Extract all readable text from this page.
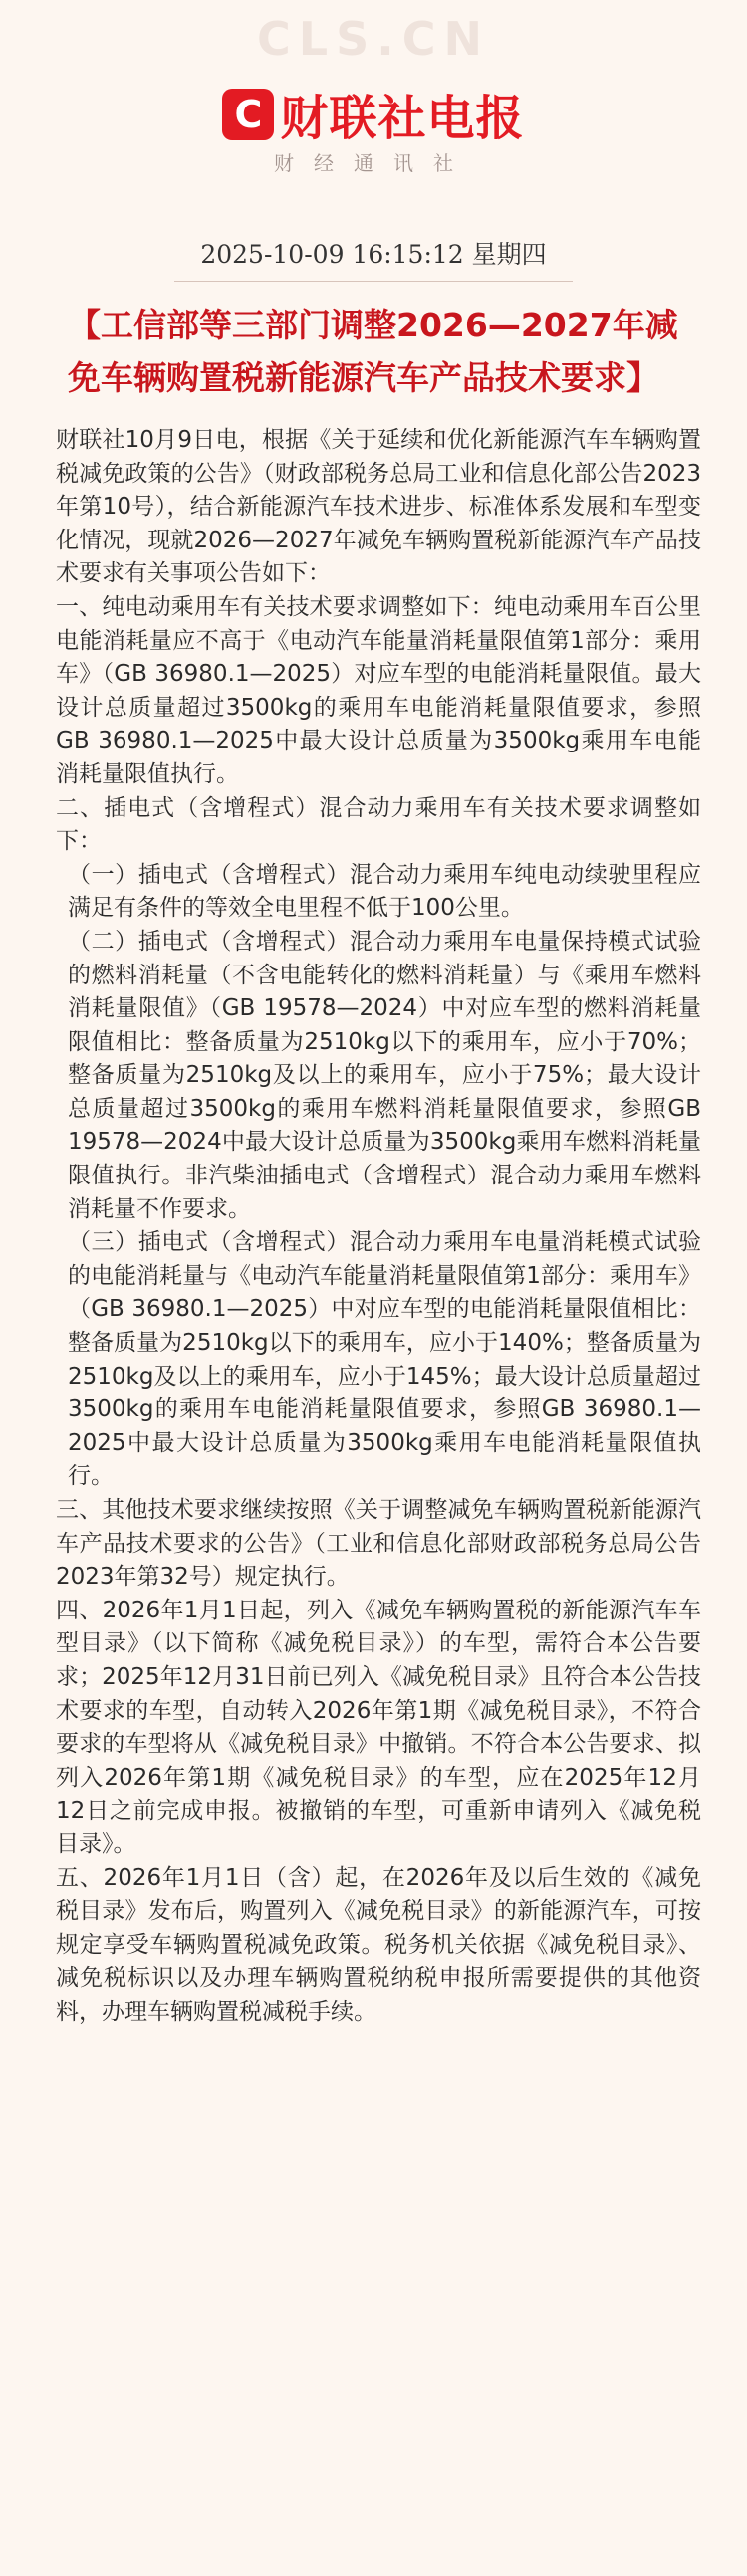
CLS.CN
C 财联社电报
财经通讯社
2025-10-09 16:15:12 星期四
【工信部等三部门调整2026—2027年减免车辆购置税新能源汽车产品技术要求】

财联社10月9日电，根据《关于延续和优化新能源汽车车辆购置税减免政策的公告》（财政部税务总局工业和信息化部公告2023年第10号），结合新能源汽车技术进步、标准体系发展和车型变化情况，现就2026—2027年减免车辆购置税新能源汽车产品技术要求有关事项公告如下：

一、纯电动乘用车有关技术要求调整如下：纯电动乘用车百公里电能消耗量应不高于《电动汽车能量消耗量限值第1部分：乘用车》（GB 36980.1—2025）对应车型的电能消耗量限值。最大设计总质量超过3500kg的乘用车电能消耗量限值要求，参照GB 36980.1—2025中最大设计总质量为3500kg乘用车电能消耗量限值执行。

二、插电式（含增程式）混合动力乘用车有关技术要求调整如下：

（一）插电式（含增程式）混合动力乘用车纯电动续驶里程应满足有条件的等效全电里程不低于100公里。

（二）插电式（含增程式）混合动力乘用车电量保持模式试验的燃料消耗量（不含电能转化的燃料消耗量）与《乘用车燃料消耗量限值》（GB 19578—2024）中对应车型的燃料消耗量限值相比：整备质量为2510kg以下的乘用车，应小于70%；整备质量为2510kg及以上的乘用车，应小于75%；最大设计总质量超过3500kg的乘用车燃料消耗量限值要求，参照GB 19578—2024中最大设计总质量为3500kg乘用车燃料消耗量限值执行。非汽柴油插电式（含增程式）混合动力乘用车燃料消耗量不作要求。

（三）插电式（含增程式）混合动力乘用车电量消耗模式试验的电能消耗量与《电动汽车能量消耗量限值第1部分：乘用车》（GB 36980.1—2025）中对应车型的电能消耗量限值相比：整备质量为2510kg以下的乘用车，应小于140%；整备质量为2510kg及以上的乘用车，应小于145%；最大设计总质量超过3500kg的乘用车电能消耗量限值要求，参照GB 36980.1—2025中最大设计总质量为3500kg乘用车电能消耗量限值执行。

三、其他技术要求继续按照《关于调整减免车辆购置税新能源汽车产品技术要求的公告》（工业和信息化部财政部税务总局公告2023年第32号）规定执行。

四、2026年1月1日起，列入《减免车辆购置税的新能源汽车车型目录》（以下简称《减免税目录》）的车型，需符合本公告要求；2025年12月31日前已列入《减免税目录》且符合本公告技术要求的车型，自动转入2026年第1期《减免税目录》，不符合要求的车型将从《减免税目录》中撤销。不符合本公告要求、拟列入2026年第1期《减免税目录》的车型，应在2025年12月12日之前完成申报。被撤销的车型，可重新申请列入《减免税目录》。

五、2026年1月1日（含）起，在2026年及以后生效的《减免税目录》发布后，购置列入《减免税目录》的新能源汽车，可按规定享受车辆购置税减免政策。税务机关依据《减免税目录》、减免税标识以及办理车辆购置税纳税申报所需要提供的其他资料，办理车辆购置税减税手续。
